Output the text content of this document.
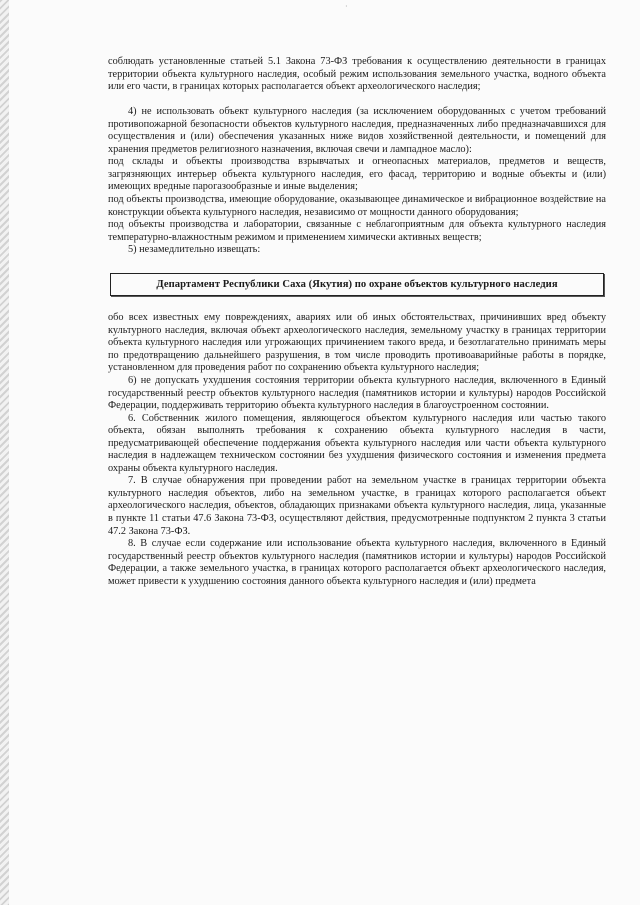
·

соблюдать установленные статьей 5.1 Закона 73-ФЗ требования к осуществлению деятельности в границах территории объекта культурного наследия, особый режим использования земельного участка, водного объекта или его части, в границах которых располагается объект археологического наследия;

4) не использовать объект культурного наследия (за исключением оборудованных с учетом требований противопожарной безопасности объектов культурного наследия, предназначенных либо предназначавшихся для осуществления и (или) обеспечения указанных ниже видов хозяйственной деятельности, и помещений для хранения предметов религиозного назначения, включая свечи и лампадное масло):

под склады и объекты производства взрывчатых и огнеопасных материалов, предметов и веществ, загрязняющих интерьер объекта культурного наследия, его фасад, территорию и водные объекты и (или) имеющих вредные парогазообразные и иные выделения;

под объекты производства, имеющие оборудование, оказывающее динамическое и вибрационное воздействие на конструкции объекта культурного наследия, независимо от мощности данного оборудования;

под объекты производства и лаборатории, связанные с неблагоприятным для объекта культурного наследия температурно-влажностным режимом и применением химически активных веществ;

5) незамедлительно извещать:

Департамент Республики Саха (Якутия) по охране объектов культурного наследия

обо всех известных ему повреждениях, авариях или об иных обстоятельствах, причинивших вред объекту культурного наследия, включая объект археологического наследия, земельному участку в границах территории объекта культурного наследия или угрожающих причинением такого вреда, и безотлагательно принимать меры по предотвращению дальнейшего разрушения, в том числе проводить противоаварийные работы в порядке, установленном для проведения работ по сохранению объекта культурного наследия;

6) не допускать ухудшения состояния территории объекта культурного наследия, включенного в Единый государственный реестр объектов культурного наследия (памятников истории и культуры) народов Российской Федерации, поддерживать территорию объекта культурного наследия в благоустроенном состоянии.

6. Собственник жилого помещения, являющегося объектом культурного наследия или частью такого объекта, обязан выполнять требования к сохранению объекта культурного наследия в части, предусматривающей обеспечение поддержания объекта культурного наследия или части объекта культурного наследия в надлежащем техническом состоянии без ухудшения физического состояния и изменения предмета охраны объекта культурного наследия.

7. В случае обнаружения при проведении работ на земельном участке в границах территории объекта культурного наследия объектов, либо на земельном участке, в границах которого располагается объект археологического наследия, объектов, обладающих признаками объекта культурного наследия, лица, указанные в пункте 11 статьи 47.6 Закона 73-ФЗ, осуществляют действия, предусмотренные подпунктом 2 пункта 3 статьи 47.2 Закона 73-ФЗ.

8. В случае если содержание или использование объекта культурного наследия, включенного в Единый государственный реестр объектов культурного наследия (памятников истории и культуры) народов Российской Федерации, а также земельного участка, в границах которого располагается объект археологического наследия, может привести к ухудшению состояния данного объекта культурного наследия и (или) предмета
